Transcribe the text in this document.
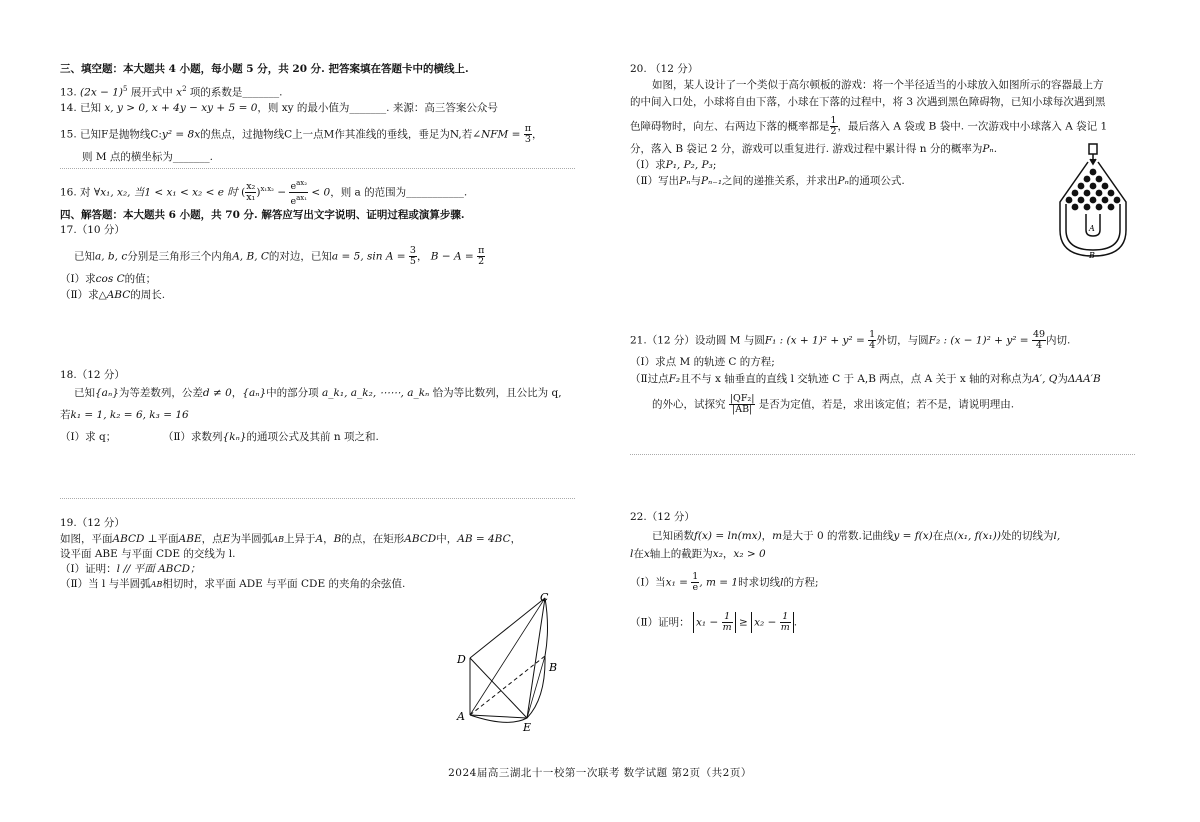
三、填空题：本大题共 4 小题，每小题 5 分，共 20 分. 把答案填在答题卡中的横线上.
13. $(2x - 1)^5$ 展开式中 $x^2$ 项的系数是_______.
14. 已知 x, y > 0, x + 4y − xy + 5 = 0，则 xy 的最小值为_______. 来源：高三答案公众号
15. 已知F是抛物线C:y² = 8x的焦点，过抛物线C上一点M作其准线的垂线，垂足为N,若∠NFM = $\frac{\pi}{3}$ ，
则 M 点的横坐标为_______.
16. 对 ∀x₁, x₂, 当1 < x₁ < x₂ < e 时 ( $\frac{\text{x₂}}{\text{x₁}} )^{x_1x_2} - \frac{e^{ax_2}}{e^{ax_1}} < 0$，则 a 的范围为___________.
四、解答题：本大题共 6 小题，共 70 分. 解答应写出文字说明、证明过程或演算步骤.
17.（10 分）
已知a, b, c分别是三角形三个内角A, B, C的对边，已知a = 5, $\sin A = \frac{3}{5}$ ， $B - A = \frac{\pi}{2}$
（Ⅰ）求cos C的值；
（Ⅱ）求△ABC的周长.
18.（12 分）
已知{aₙ}为等差数列，公差d ≠ 0，{aₙ}中的部分项 a_k₁, a_k₂, ⋯⋯, a_kₙ 恰为等比数列，且公比为 q,
若k₁ = 1, k₂ = 6, k₃ = 16
（Ⅰ）求 q；	（Ⅱ）求数列{kₙ}的通项公式及其前 n 项之和.
19.（12 分）
如图，平面ABCD ⊥平面ABE，点E为半圆弧AB上异于A，B的点，在矩形ABCD中，AB = 4BC，
设平面 ABE 与平面 CDE 的交线为 l.
（Ⅰ）证明：l // 平面 ABCD；
（Ⅱ）当 l 与半圆弧AB相切时，求平面 ADE 与平面 CDE 的夹角的余弦值.
C
D
B
A
E
20. （12 分）
如图，某人设计了一个类似于高尔顿板的游戏：将一个半径适当的小球放入如图所示的容器最上方
的中间入口处，小球将自由下落，小球在下落的过程中，将 3 次遇到黑色障碍物，已知小球每次遇到黑
色障碍物时，向左、右两边下落的概率都是 $\frac{1}{2}$ ，最后落入 A 袋或 B 袋中. 一次游戏中小球落入 A 袋记 1
分，落入 B 袋记 2 分，游戏可以重复进行. 游戏过程中累计得 n 分的概率为Pₙ.
（Ⅰ）求P₁, P₂, P₃;
（Ⅱ）写出Pₙ与Pₙ₋₁之间的递推关系，并求出Pₙ的通项公式.
21.（12 分）设动圆 M 与圆F₁ : $(x + 1)^2 + y^2 = \frac{1}{4}$ 外切，与圆F₂ : $(x - 1)^2 + y^2 = \frac{49}{4}$ 内切.
（Ⅰ）求点 M 的轨迹 C 的方程;
（Ⅱ过点F₂且不与 x 轴垂直的直线 l 交轨迹 C 于 A,B 两点，点 A 关于 x 轴的对称点为A′, Q为ΔAA′B
的外心，试探究 $\frac{\text{|QF₂|}}{|AB|}$ 是否为定值，若是，求出该定值；若不是，请说明理由.
22.（12 分）
已知函数f(x) = ln(mx)，m是大于 0 的常数.记曲线y = f(x)在点(x₁, f(x₁))处的切线为l,
l在x轴上的截距为x₂，x₂ > 0
（Ⅰ）当$x_1 = \frac{1}{e}$ , m = 1时求切线l的方程;
（Ⅱ）证明： $x_1 - \frac{1}{m} \ge x_2 - \frac{1}{m}$ .
A
B
2024届高三湖北十一校第一次联考 数学试题 第2页（共2页）
